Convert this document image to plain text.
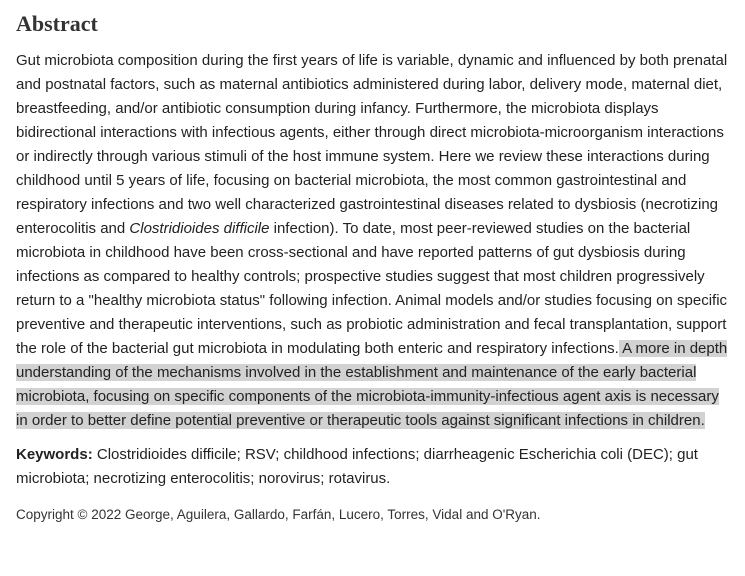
Abstract

Gut microbiota composition during the first years of life is variable, dynamic and influenced by both prenatal and postnatal factors, such as maternal antibiotics administered during labor, delivery mode, maternal diet, breastfeeding, and/or antibiotic consumption during infancy. Furthermore, the microbiota displays bidirectional interactions with infectious agents, either through direct microbiota-microorganism interactions or indirectly through various stimuli of the host immune system. Here we review these interactions during childhood until 5 years of life, focusing on bacterial microbiota, the most common gastrointestinal and respiratory infections and two well characterized gastrointestinal diseases related to dysbiosis (necrotizing enterocolitis and Clostridioides difficile infection). To date, most peer-reviewed studies on the bacterial microbiota in childhood have been cross-sectional and have reported patterns of gut dysbiosis during infections as compared to healthy controls; prospective studies suggest that most children progressively return to a "healthy microbiota status" following infection. Animal models and/or studies focusing on specific preventive and therapeutic interventions, such as probiotic administration and fecal transplantation, support the role of the bacterial gut microbiota in modulating both enteric and respiratory infections. A more in depth understanding of the mechanisms involved in the establishment and maintenance of the early bacterial microbiota, focusing on specific components of the microbiota-immunity-infectious agent axis is necessary in order to better define potential preventive or therapeutic tools against significant infections in children.

Keywords: Clostridioides difficile; RSV; childhood infections; diarrheagenic Escherichia coli (DEC); gut microbiota; necrotizing enterocolitis; norovirus; rotavirus.

Copyright © 2022 George, Aguilera, Gallardo, Farfán, Lucero, Torres, Vidal and O'Ryan.
